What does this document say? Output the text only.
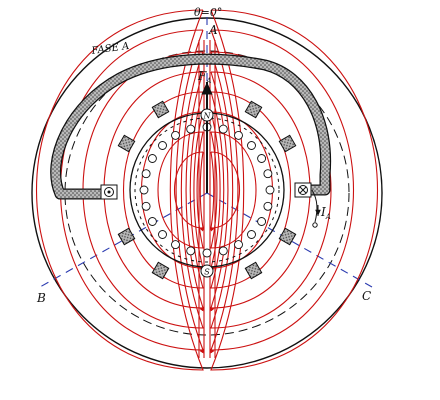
N
S
θ=0°
A
B	C
FASE A
$F_A$
$I_A$
